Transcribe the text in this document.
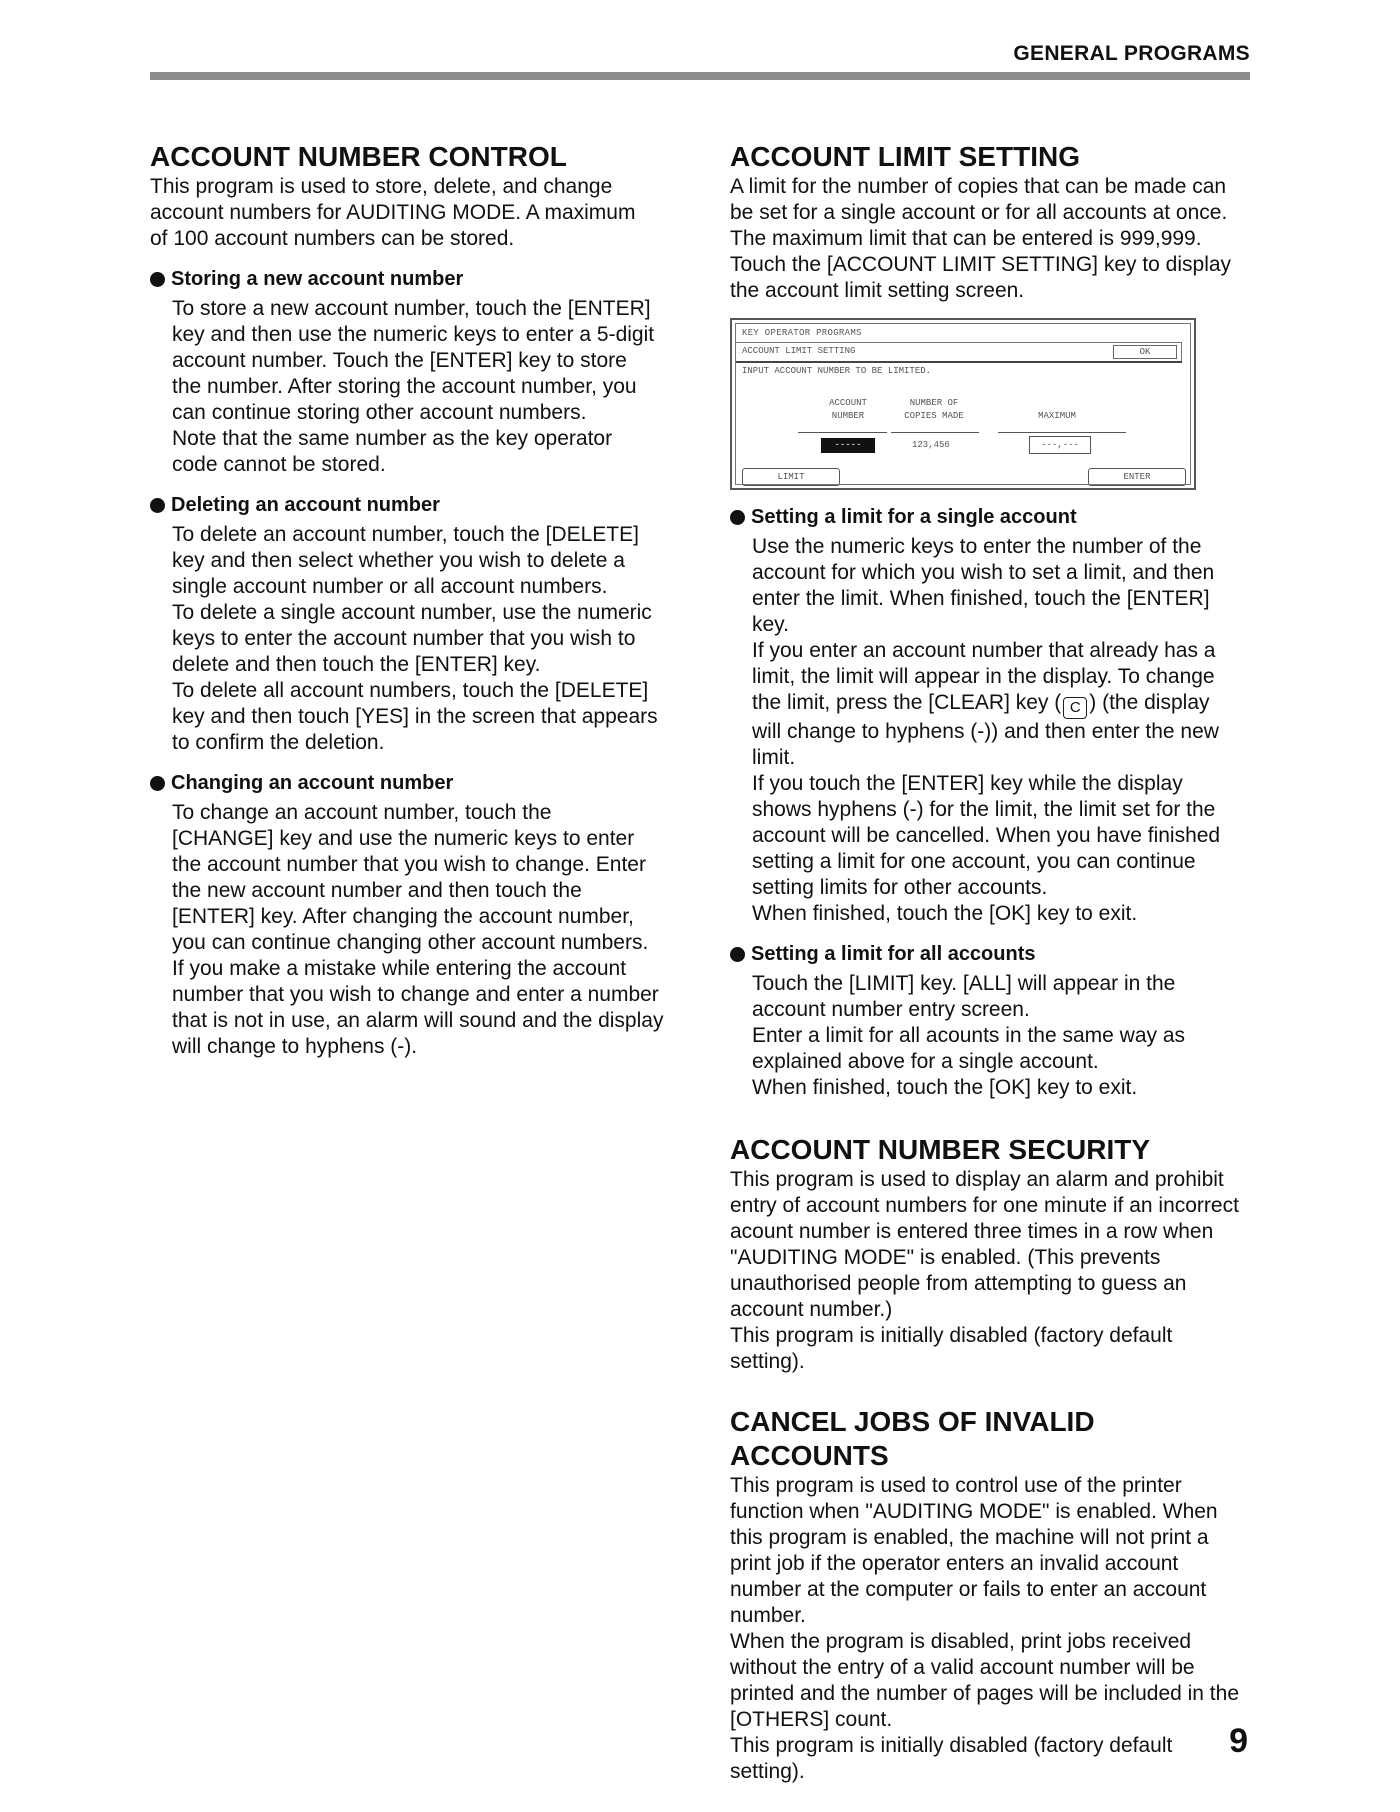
GENERAL PROGRAMS
ACCOUNT NUMBER CONTROL
This program is used to store, delete, and change
account numbers for AUDITING MODE. A maximum
of 100 account numbers can be stored.
Storing a new account number
To store a new account number, touch the [ENTER]
key and then use the numeric keys to enter a 5-digit
account number. Touch the [ENTER] key to store
the number. After storing the account number, you
can continue storing other account numbers.
Note that the same number as the key operator
code cannot be stored.
Deleting an account number
To delete an account number, touch the [DELETE]
key and then select whether you wish to delete a
single account number or all account numbers.
To delete a single account number, use the numeric
keys to enter the account number that you wish to
delete and then touch the [ENTER] key.
To delete all account numbers, touch the [DELETE]
key and then touch [YES] in the screen that appears
to confirm the deletion.
Changing an account number
To change an account number, touch the
[CHANGE] key and use the numeric keys to enter
the account number that you wish to change. Enter
the new account number and then touch the
[ENTER] key. After changing the account number,
you can continue changing other account numbers.
If you make a mistake while entering the account
number that you wish to change and enter a number
that is not in use, an alarm will sound and the display
will change to hyphens (-).
ACCOUNT LIMIT SETTING
A limit for the number of copies that can be made can
be set for a single account or for all accounts at once.
The maximum limit that can be entered is 999,999.
Touch the [ACCOUNT LIMIT SETTING] key to display
the account limit setting screen.
KEY OPERATOR PROGRAMS
ACCOUNT LIMIT SETTING	OK
INPUT ACCOUNT NUMBER TO BE LIMITED.
ACCOUNT
NUMBER
NUMBER OF
COPIES MADE	MAXIMUM
-----	123,456	---,---
LIMIT	ENTER
Setting a limit for a single account
Use the numeric keys to enter the number of the
account for which you wish to set a limit, and then
enter the limit. When finished, touch the [ENTER]
key.
If you enter an account number that already has a
limit, the limit will appear in the display. To change
the limit, press the [CLEAR] key ( C ) (the display
will change to hyphens (-)) and then enter the new
limit.
If you touch the [ENTER] key while the display
shows hyphens (-) for the limit, the limit set for the
account will be cancelled. When you have finished
setting a limit for one account, you can continue
setting limits for other accounts.
When finished, touch the [OK] key to exit.
Setting a limit for all accounts
Touch the [LIMIT] key. [ALL] will appear in the
account number entry screen.
Enter a limit for all acounts in the same way as
explained above for a single account.
When finished, touch the [OK] key to exit.
ACCOUNT NUMBER SECURITY
This program is used to display an alarm and prohibit
entry of account numbers for one minute if an incorrect
acount number is entered three times in a row when
"AUDITING MODE" is enabled. (This prevents
unauthorised people from attempting to guess an
account number.)
This program is initially disabled (factory default setting).
CANCEL JOBS OF INVALID ACCOUNTS
This program is used to control use of the printer
function when "AUDITING MODE" is enabled. When
this program is enabled, the machine will not print a
print job if the operator enters an invalid account
number at the computer or fails to enter an account
number.
When the program is disabled, print jobs received
without the entry of a valid account number will be
printed and the number of pages will be included in the
[OTHERS] count.
This program is initially disabled (factory default setting).
9
